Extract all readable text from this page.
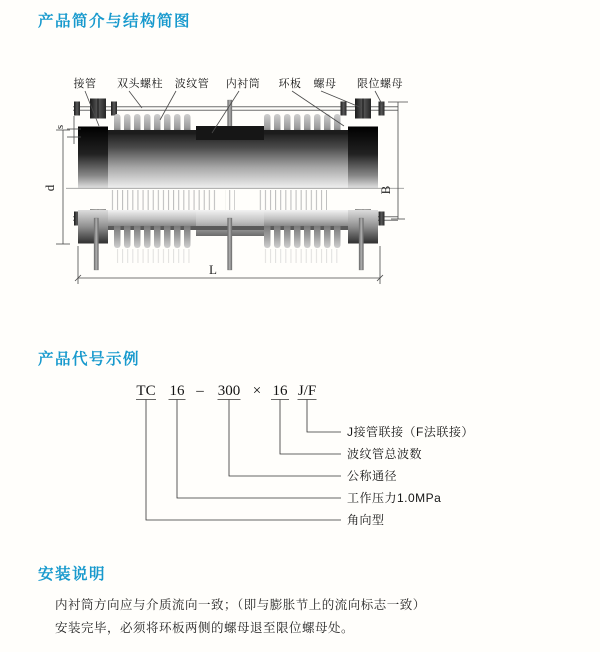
产品简介与结构简图
s
d	B
L
接管 双头螺柱 波纹管 内衬筒 环板 螺母 限位螺母
产品代号示例
TC 16 – 300 × 16 J/F
J接管联接（F法联接）
波纹管总波数
公称通径
工作压力1.0MPa
角向型
安装说明

内衬筒方向应与介质流向一致；（即与膨胀节上的流向标志一致）

安装完毕，必须将环板两侧的螺母退至限位螺母处。
